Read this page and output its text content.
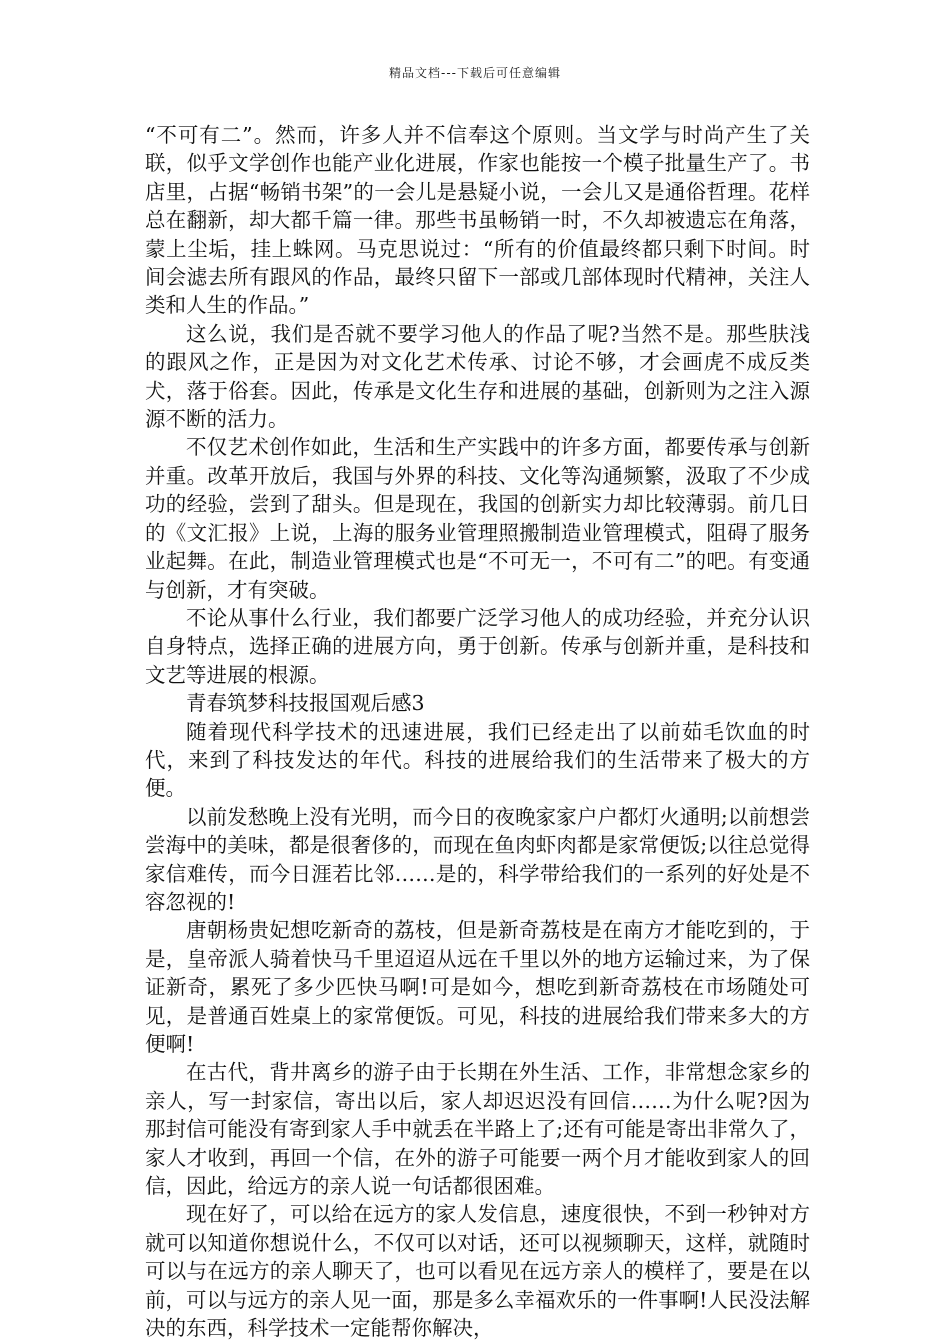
精品文档---下载后可任意编辑

“不可有二”。然而，许多人并不信奉这个原则。当文学与时尚产生了关联，似乎文学创作也能产业化进展，作家也能按一个模子批量生产了。书店里，占据“畅销书架”的一会儿是悬疑小说，一会儿又是通俗哲理。花样总在翻新，却大都千篇一律。那些书虽畅销一时，不久却被遗忘在角落，蒙上尘垢，挂上蛛网。马克思说过：“所有的价值最终都只剩下时间。时间会滤去所有跟风的作品，最终只留下一部或几部体现时代精神，关注人类和人生的作品。”

这么说，我们是否就不要学习他人的作品了呢?当然不是。那些肤浅的跟风之作，正是因为对文化艺术传承、讨论不够，才会画虎不成反类犬，落于俗套。因此，传承是文化生存和进展的基础，创新则为之注入源源不断的活力。

不仅艺术创作如此，生活和生产实践中的许多方面，都要传承与创新并重。改革开放后，我国与外界的科技、文化等沟通频繁，汲取了不少成功的经验，尝到了甜头。但是现在，我国的创新实力却比较薄弱。前几日的《文汇报》上说，上海的服务业管理照搬制造业管理模式，阻碍了服务业起舞。在此，制造业管理模式也是“不可无一，不可有二”的吧。有变通与创新，才有突破。

不论从事什么行业，我们都要广泛学习他人的成功经验，并充分认识自身特点，选择正确的进展方向，勇于创新。传承与创新并重，是科技和文艺等进展的根源。

青春筑梦科技报国观后感3

随着现代科学技术的迅速进展，我们已经走出了以前茹毛饮血的时代，来到了科技发达的年代。科技的进展给我们的生活带来了极大的方便。

以前发愁晚上没有光明，而今日的夜晚家家户户都灯火通明;以前想尝尝海中的美味，都是很奢侈的，而现在鱼肉虾肉都是家常便饭;以往总觉得家信难传，而今日涯若比邻……是的，科学带给我们的一系列的好处是不容忽视的!

唐朝杨贵妃想吃新奇的荔枝，但是新奇荔枝是在南方才能吃到的，于是，皇帝派人骑着快马千里迢迢从远在千里以外的地方运输过来，为了保证新奇，累死了多少匹快马啊!可是如今，想吃到新奇荔枝在市场随处可见，是普通百姓桌上的家常便饭。可见，科技的进展给我们带来多大的方便啊!

在古代，背井离乡的游子由于长期在外生活、工作，非常想念家乡的亲人，写一封家信，寄出以后，家人却迟迟没有回信……为什么呢?因为那封信可能没有寄到家人手中就丢在半路上了;还有可能是寄出非常久了，家人才收到，再回一个信，在外的游子可能要一两个月才能收到家人的回信，因此，给远方的亲人说一句话都很困难。

现在好了，可以给在远方的家人发信息，速度很快，不到一秒钟对方就可以知道你想说什么，不仅可以对话，还可以视频聊天，这样，就随时可以与在远方的亲人聊天了，也可以看见在远方亲人的模样了，要是在以前，可以与远方的亲人见一面，那是多么幸福欢乐的一件事啊!人民没法解决的东西，科学技术一定能帮你解决，
